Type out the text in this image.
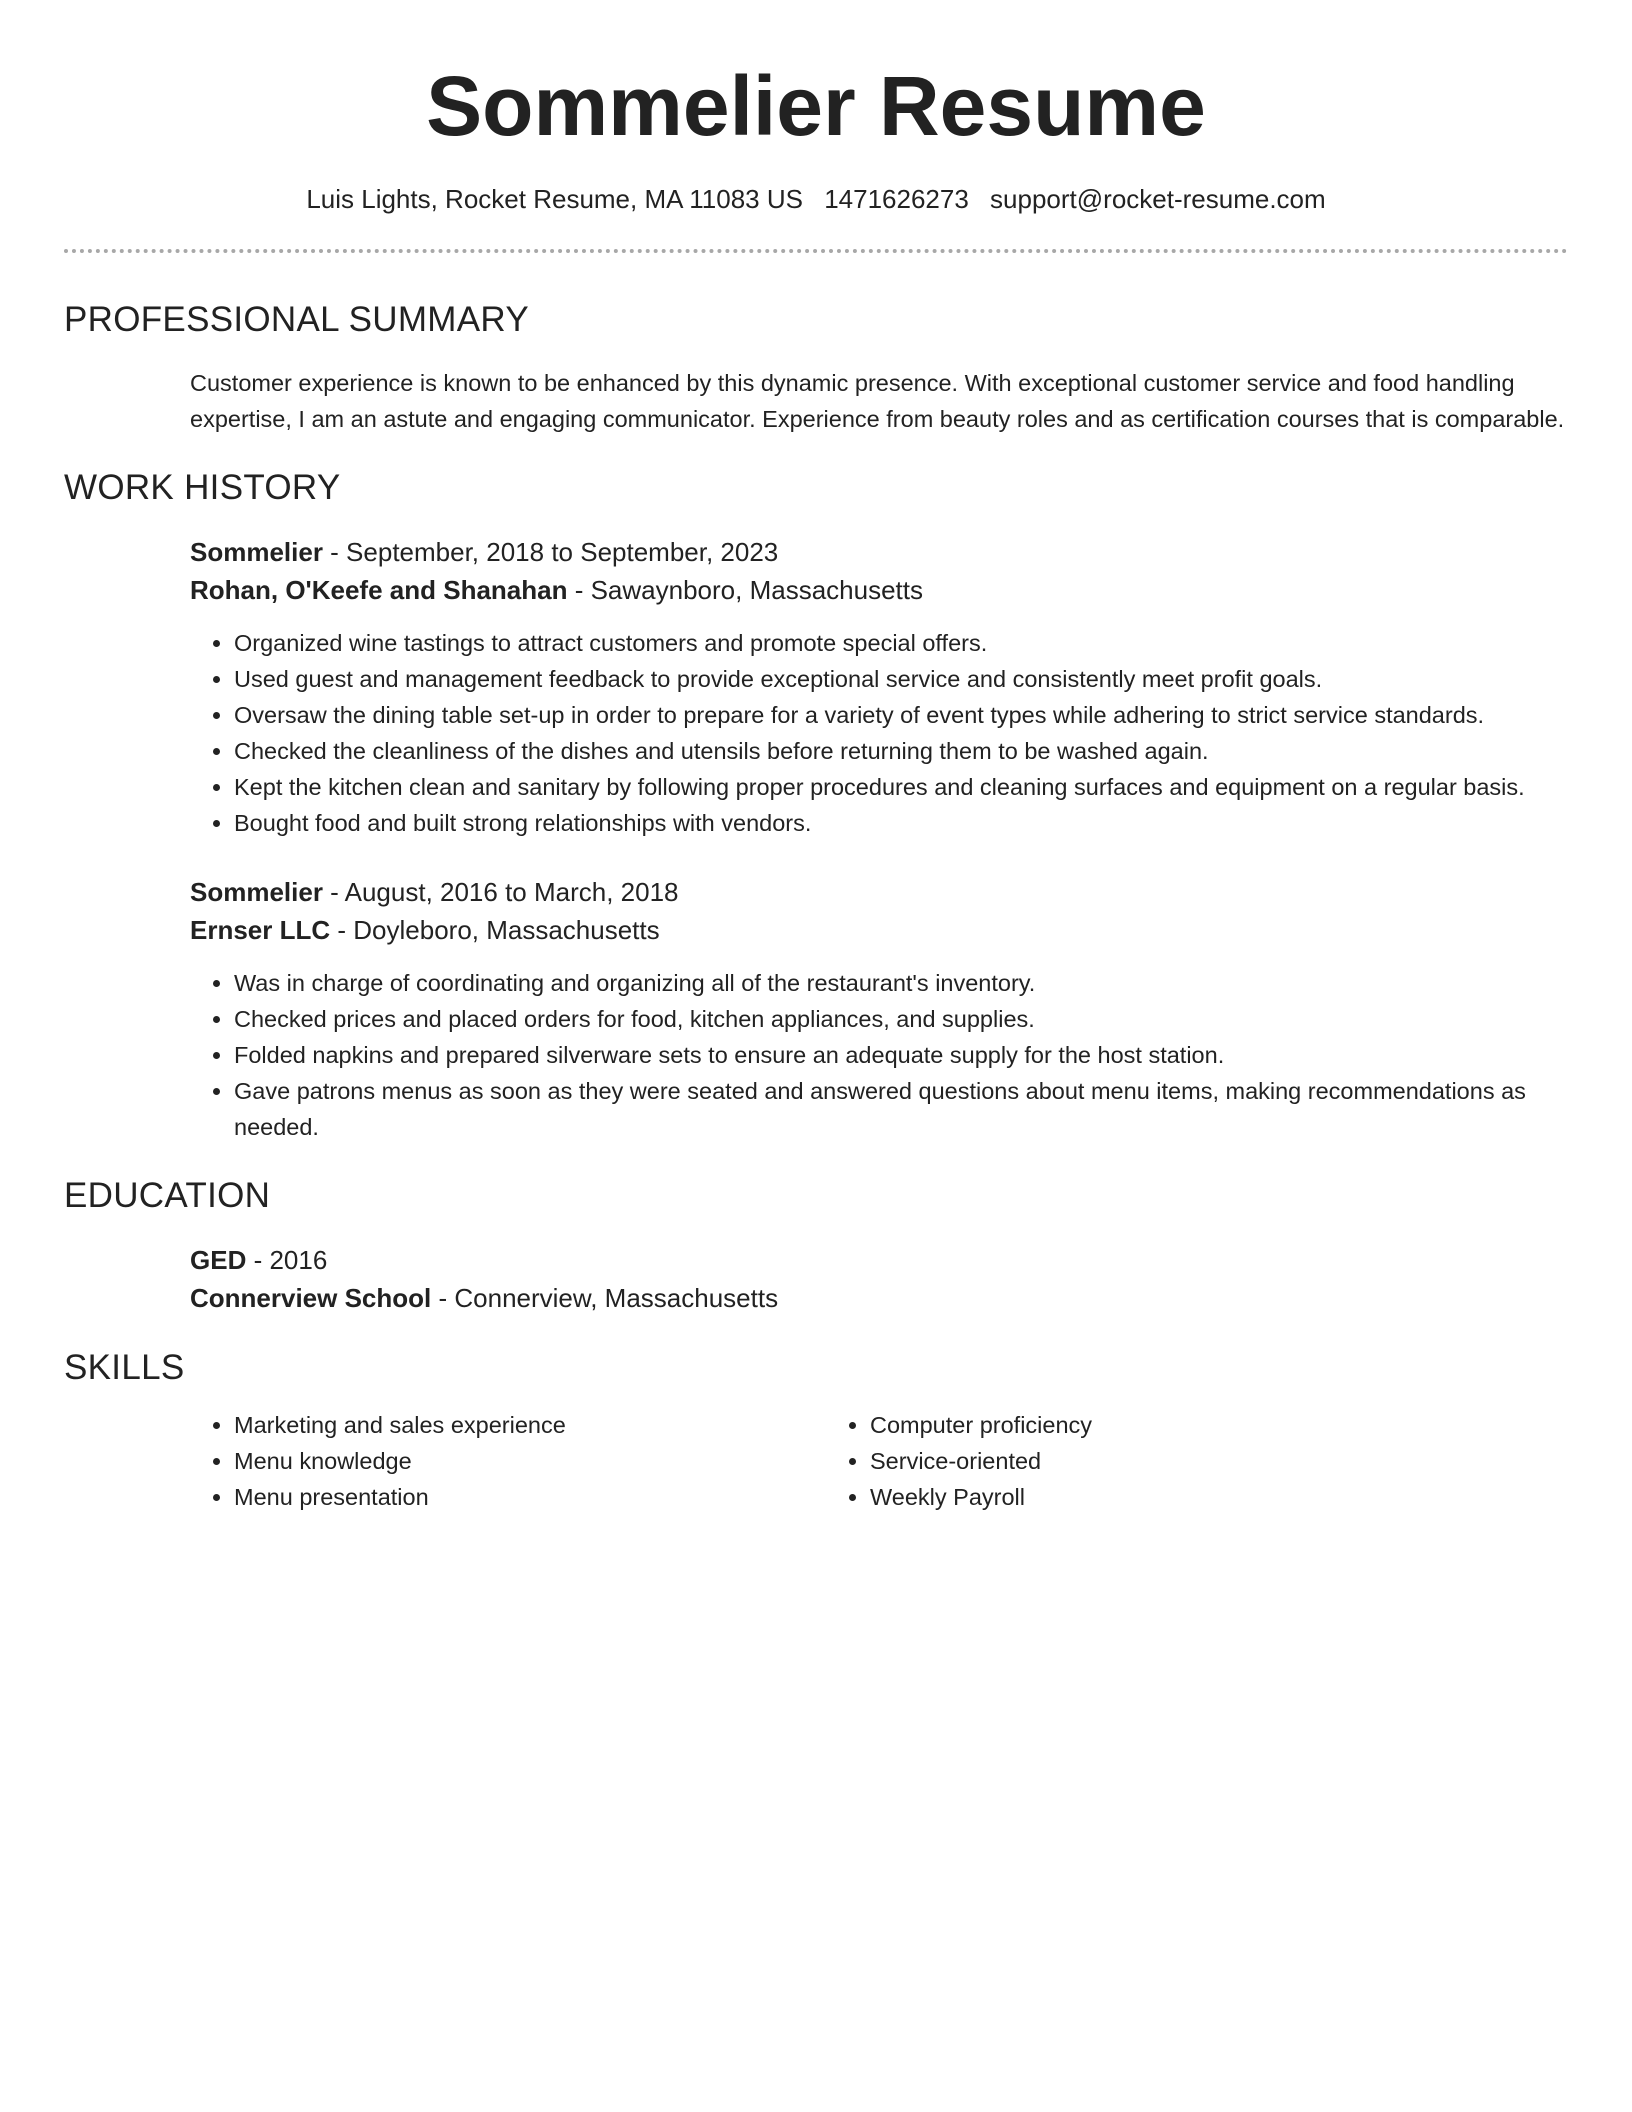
Sommelier Resume
Luis Lights, Rocket Resume, MA 11083 US 1471626273 support@rocket-resume.com
PROFESSIONAL SUMMARY
Customer experience is known to be enhanced by this dynamic presence. With exceptional customer service and food handling expertise, I am an astute and engaging communicator. Experience from beauty roles and as certification courses that is comparable.
WORK HISTORY
Sommelier - September, 2018 to September, 2023
Rohan, O'Keefe and Shanahan - Sawaynboro, Massachusetts
• Organized wine tastings to attract customers and promote special offers.
• Used guest and management feedback to provide exceptional service and consistently meet profit goals.
• Oversaw the dining table set-up in order to prepare for a variety of event types while adhering to strict service standards.
• Checked the cleanliness of the dishes and utensils before returning them to be washed again.
• Kept the kitchen clean and sanitary by following proper procedures and cleaning surfaces and equipment on a regular basis.
• Bought food and built strong relationships with vendors.
Sommelier - August, 2016 to March, 2018
Ernser LLC - Doyleboro, Massachusetts
• Was in charge of coordinating and organizing all of the restaurant's inventory.
• Checked prices and placed orders for food, kitchen appliances, and supplies.
• Folded napkins and prepared silverware sets to ensure an adequate supply for the host station.
• Gave patrons menus as soon as they were seated and answered questions about menu items, making recommendations as needed.
EDUCATION
GED - 2016
Connerview School - Connerview, Massachusetts
SKILLS
• Marketing and sales experience
• Menu knowledge
• Menu presentation
• Computer proficiency
• Service-oriented
• Weekly Payroll
